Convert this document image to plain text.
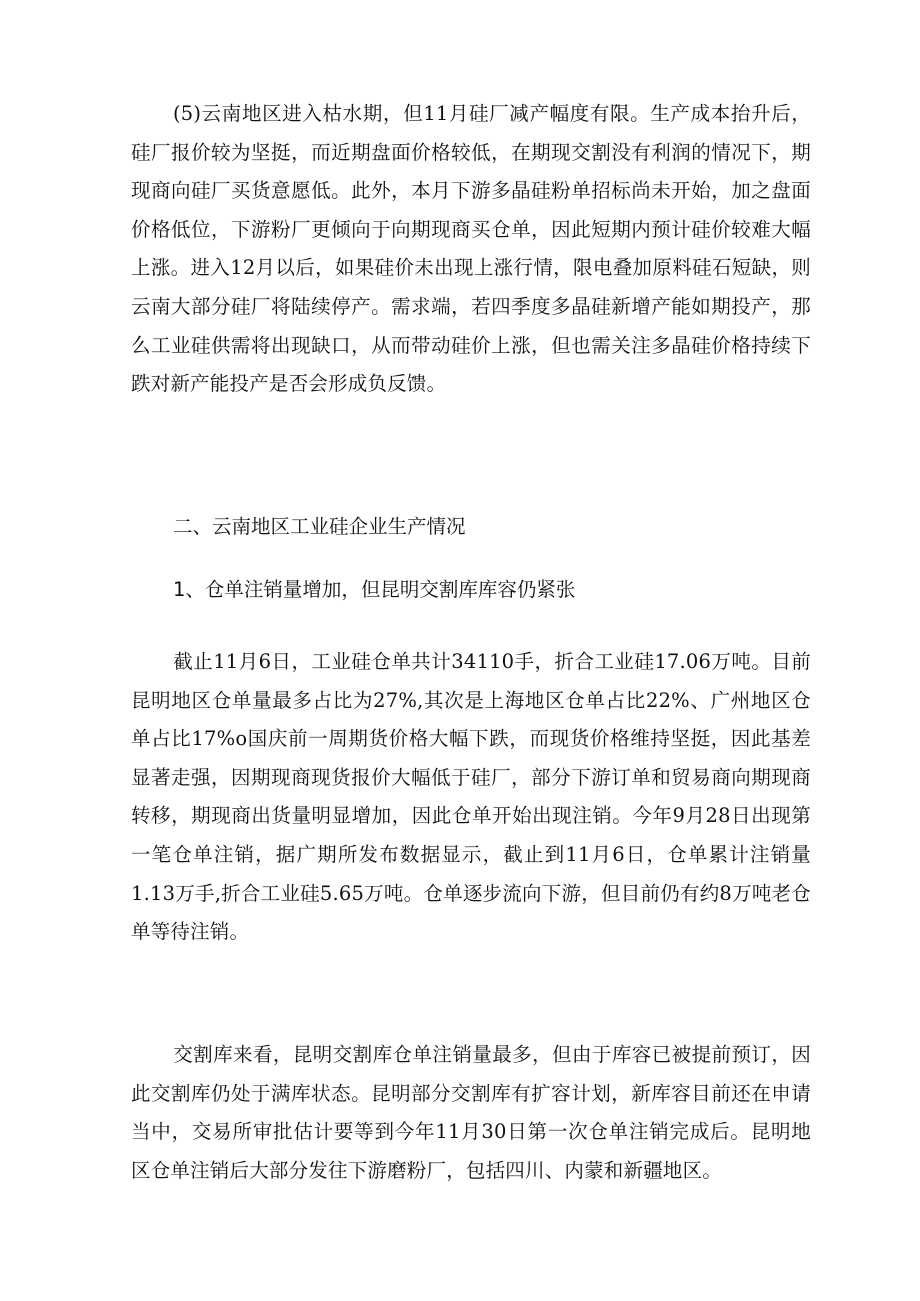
(5)云南地区进入枯水期，但11月硅厂减产幅度有限。生产成本抬升后，硅厂报价较为坚挺，而近期盘面价格较低，在期现交割没有利润的情况下，期现商向硅厂买货意愿低。此外，本月下游多晶硅粉单招标尚未开始，加之盘面价格低位，下游粉厂更倾向于向期现商买仓单，因此短期内预计硅价较难大幅上涨。进入12月以后，如果硅价未出现上涨行情，限电叠加原料硅石短缺，则云南大部分硅厂将陆续停产。需求端，若四季度多晶硅新增产能如期投产，那么工业硅供需将出现缺口，从而带动硅价上涨，但也需关注多晶硅价格持续下跌对新产能投产是否会形成负反馈。

二、云南地区工业硅企业生产情况
1、仓单注销量增加，但昆明交割库库容仍紧张

截止11月6日，工业硅仓单共计34110手，折合工业硅17.06万吨。目前昆明地区仓单量最多占比为27%,其次是上海地区仓单占比22%、广州地区仓单占比17%o国庆前一周期货价格大幅下跌，而现货价格维持坚挺，因此基差显著走强，因期现商现货报价大幅低于硅厂，部分下游订单和贸易商向期现商转移，期现商出货量明显增加，因此仓单开始出现注销。今年9月28日出现第一笔仓单注销，据广期所发布数据显示，截止到11月6日，仓单累计注销量1.13万手,折合工业硅5.65万吨。仓单逐步流向下游，但目前仍有约8万吨老仓单等待注销。

交割库来看，昆明交割库仓单注销量最多，但由于库容已被提前预订，因此交割库仍处于满库状态。昆明部分交割库有扩容计划，新库容目前还在申请当中，交易所审批估计要等到今年11月30日第一次仓单注销完成后。昆明地区仓单注销后大部分发往下游磨粉厂，包括四川、内蒙和新疆地区。
